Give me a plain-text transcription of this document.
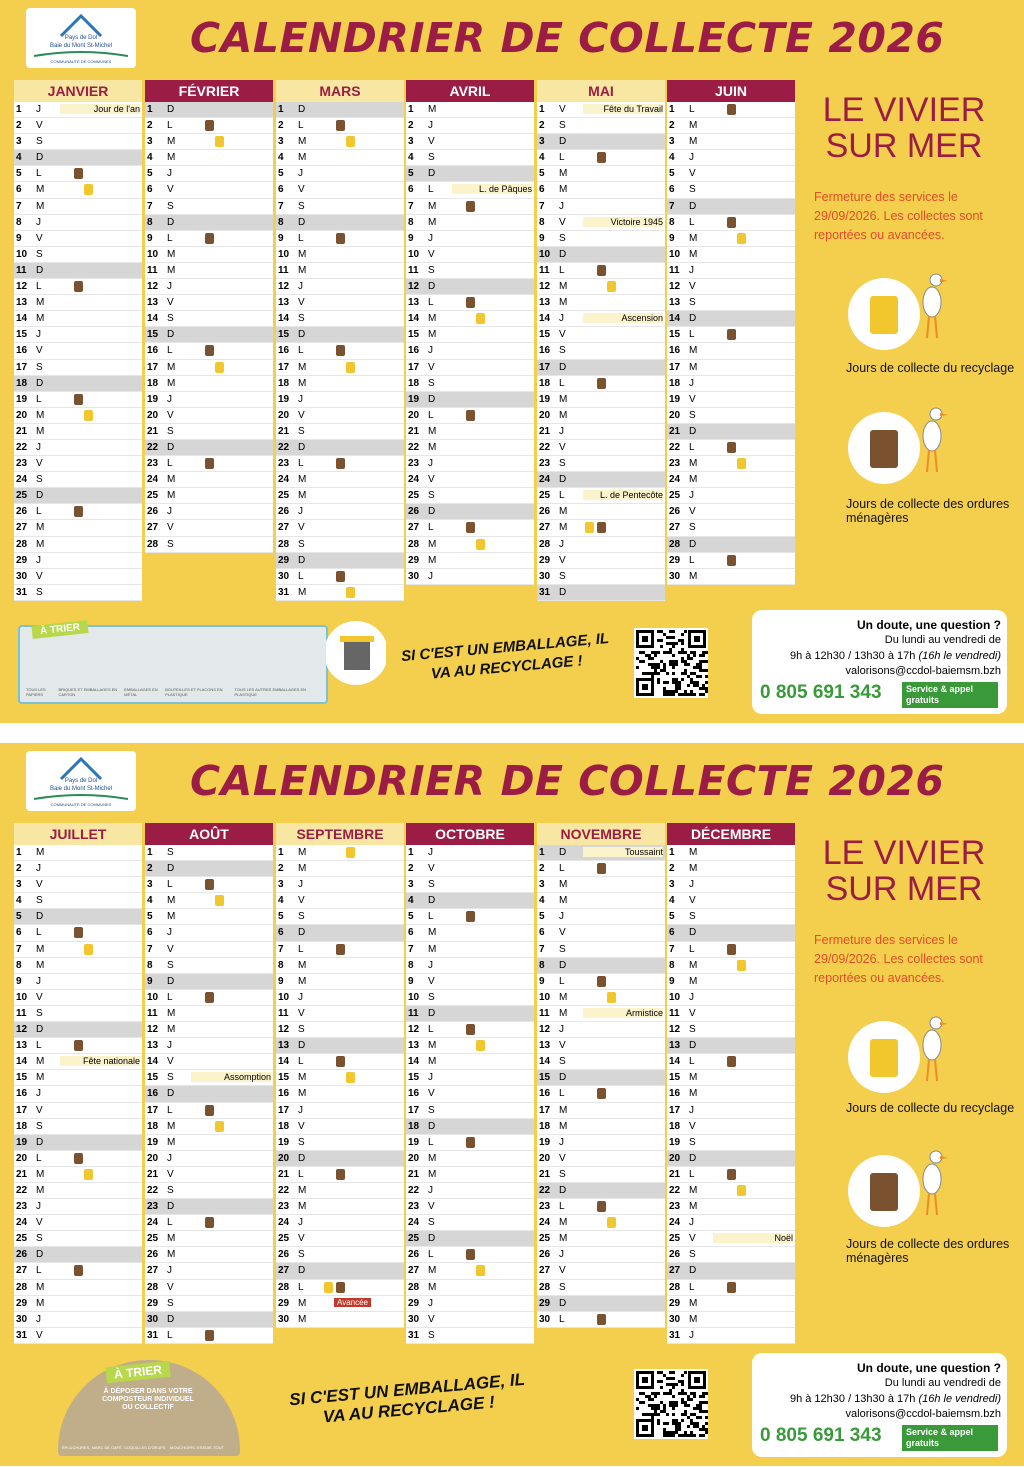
Pays de Dol
Baie du Mont St-Michel
COMMUNAUTÉ DE COMMUNES	CALENDRIER DE COLLECTE 2026
JANVIER
1	J	Jour de l'an
2	V
3	S
4	D
5	L
6	M
7	M
8	J
9	V
10 S
11 D
12 L
13 M
14 M
15 J
16 V
17 S
18 D
19 L
20 M
21 M
22 J
23 V
24 S
25 D
26 L
27 M
28 M
29 J
30 V
31 S
FÉVRIER
1	D
2	L
3	M
4	M
5	J
6	V
7	S
8	D
9	L
10 M
11 M
12 J
13 V
14 S
15 D
16 L
17 M
18 M
19 J
20 V
21 S
22 D
23 L
24 M
25 M
26 J
27 V
28 S
MARS
1	D
2	L
3	M
4	M
5	J
6	V
7	S
8	D
9	L
10 M
11 M
12 J
13 V
14 S
15 D
16 L
17 M
18 M
19 J
20 V
21 S
22 D
23 L
24 M
25 M
26 J
27 V
28 S
29 D
30 L
31 M
AVRIL
1	M
2	J
3	V
4	S
5	D
6	L	L. de Pâques
7	M
8	M
9	J
10 V
11 S
12 D
13 L
14 M
15 M
16 J
17 V
18 S
19 D
20 L
21 M
22 M
23 J
24 V
25 S
26 D
27 L
28 M
29 M
30 J
MAI
1	V	Fête du Travail
2	S
3	D
4	L
5	M
6	M
7	J
8	V	Victoire 1945
9	S
10 D
11 L
12 M
13 M
14 J	Ascension
15 V
16 S
17 D
18 L
19 M
20 M
21 J
22 V
23 S
24 D
25 L	L. de Pentecôte
26 M
27 M
28 J
29 V
30 S
31 D
JUIN
1	L
2	M
3	M
4	J
5	V
6	S
7	D
8	L
9	M
10 M
11 J
12 V
13 S
14 D
15 L
16 M
17 M
18 J
19 V
20 S
21 D
22 L
23 M
24 M
25 J
26 V
27 S
28 D
29 L
30 M
LE VIVIER SUR MER
Fermeture des services le 29/09/2026. Les collectes sont reportées ou avancées.
Jours de collecte du recyclage
Jours de collecte des ordures ménagères
À TRIER
TOUS LES PAPIERS
BRIQUES ET EMBALLAGES EN CARTON
EMBALLAGES EN MÉTAL
BOUTEILLES ET FLACONS EN PLASTIQUE
TOUS LES AUTRES EMBALLAGES EN PLASTIQUE
SI C'EST UN EMBALLAGE, IL VA AU RECYCLAGE !
Un doute, une question ?
Du lundi au vendredi de
9h à 12h30 / 13h30 à 17h (16h le vendredi)
valorisons@ccdol-baiemsm.bzh
0 805 691 343	Service & appel gratuits
Pays de Dol
Baie du Mont St-Michel
COMMUNAUTÉ DE COMMUNES	CALENDRIER DE COLLECTE 2026
JUILLET
1	M
2	J
3	V
4	S
5	D
6	L
7	M
8	M
9	J
10 V
11 S
12 D
13 L
14 M	Fête nationale
15 M
16 J
17 V
18 S
19 D
20 L
21 M
22 M
23 J
24 V
25 S
26 D
27 L
28 M
29 M
30 J
31 V
AOÛT
1	S
2	D
3	L
4	M
5	M
6	J
7	V
8	S
9	D
10 L
11 M
12 M
13 J
14 V
15 S	Assomption
16 D
17 L
18 M
19 M
20 J
21 V
22 S
23 D
24 L
25 M
26 M
27 J
28 V
29 S
30 D
31 L
SEPTEMBRE
1	M
2	M
3	J
4	V
5	S
6	D
7	L
8	M
9	M
10 J
11 V
12 S
13 D
14 L
15 M
16 M
17 J
18 V
19 S
20 D
21 L
22 M
23 M
24 J
25 V
26 S
27 D
28 L
29 M	Avancée
30 M
OCTOBRE
1	J
2	V
3	S
4	D
5	L
6	M
7	M
8	J
9	V
10 S
11 D
12 L
13 M
14 M
15 J
16 V
17 S
18 D
19 L
20 M
21 M
22 J
23 V
24 S
25 D
26 L
27 M
28 M
29 J
30 V
31 S
NOVEMBRE
1	D	Toussaint
2	L
3	M
4	M
5	J
6	V
7	S
8	D
9	L
10 M
11 M	Armistice
12 J
13 V
14 S
15 D
16 L
17 M
18 M
19 J
20 V
21 S
22 D
23 L
24 M
25 M
26 J
27 V
28 S
29 D
30 L
DÉCEMBRE
1	M
2	M
3	J
4	V
5	S
6	D
7	L
8	M
9	M
10 J
11 V
12 S
13 D
14 L
15 M
16 M
17 J
18 V
19 S
20 D
21 L
22 M
23 M
24 J
25 V	Noël
26 S
27 D
28 L
29 M
30 M
31 J
LE VIVIER SUR MER
Fermeture des services le 29/09/2026. Les collectes sont reportées ou avancées.
Jours de collecte du recyclage
Jours de collecte des ordures ménagères
SI C'EST UN EMBALLAGE, IL VA AU RECYCLAGE !
Un doute, une question ?
Du lundi au vendredi de
9h à 12h30 / 13h30 à 17h (16h le vendredi)
valorisons@ccdol-baiemsm.bzh
0 805 691 343	Service & appel gratuits
À TRIER
À DÉPOSER DANS VOTRE COMPOSTEUR INDIVIDUEL OU COLLECTIF
ÉPLUCHURES, MARC DE CAFÉ, COQUILLES D'OEUFS MOUCHOIRS, ESSUIE-TOUT
